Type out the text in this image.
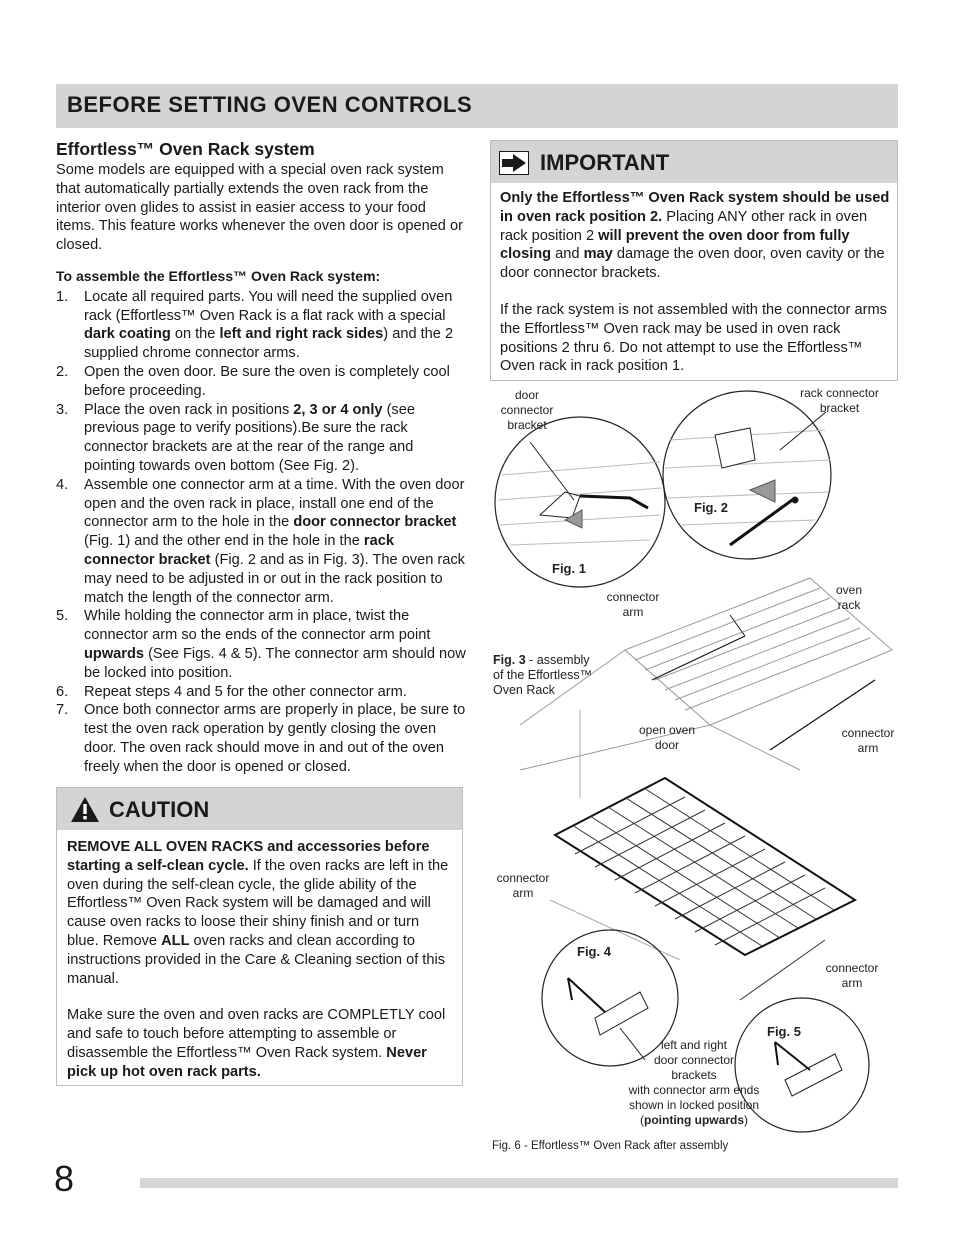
BEFORE SETTING OVEN CONTROLS
Effortless™ Oven Rack system

Some models are equipped with a special oven rack system that automatically partially extends the oven rack from the interior oven glides to assist in easier access to your food items. This feature works whenever the oven door is opened or closed.

To assemble the Effortless™ Oven Rack system:
1. Locate all required parts. You will need the supplied oven rack (Effortless™ Oven Rack is a flat rack with a special dark coating on the left and right rack sides) and the 2 supplied chrome connector arms.
2. Open the oven door. Be sure the oven is completely cool before proceeding.
3. Place the oven rack in positions 2, 3 or 4 only (see previous page to verify positions).Be sure the rack connector brackets are at the rear of the range and pointing towards oven bottom (See Fig. 2).
4. Assemble one connector arm at a time. With the oven door open and the oven rack in place, install one end of the connector arm to the hole in the door connector bracket (Fig. 1) and the other end in the hole in the rack connector bracket (Fig. 2 and as in Fig. 3). The oven rack may need to be adjusted in or out in the rack position to match the length of the connector arm.
5. While holding the connector arm in place, twist the connector arm so the ends of the connector arm point upwards (See Figs. 4 & 5). The connector arm should now be locked into position.
6. Repeat steps 4 and 5 for the other connector arm.
7. Once both connector arms are properly in place, be sure to test the oven rack operation by gently closing the oven door. The oven rack should move in and out of the oven freely when the door is opened or closed.
CAUTION

REMOVE ALL OVEN RACKS and accessories before starting a self-clean cycle. If the oven racks are left in the oven during the self-clean cycle, the glide ability of the Effortless™ Oven Rack system will be damaged and will cause oven racks to loose their shiny finish and or turn blue. Remove ALL oven racks and clean according to instructions provided in the Care & Cleaning section of this manual.

Make sure the oven and oven racks are COMPLETLY cool and safe to touch before attempting to assemble or disassemble the Effortless™ Oven Rack system. Never pick up hot oven rack parts.

IMPORTANT

Only the Effortless™ Oven Rack system should be used in oven rack position 2. Placing ANY other rack in oven rack position 2 will prevent the oven door from fully closing and may damage the oven door, oven cavity or the door connector brackets.

If the rack system is not assembled with the connector arms the Effortless™ Oven rack may be used in oven rack positions 2 thru 6. Do not attempt to use the Effortless™ Oven rack in rack position 1.

door
connector
bracket
Fig. 1
rack connector
bracket
Fig. 2
connector
arm
oven
rack
Fig. 3 - assembly
of the Effortless™
Oven Rack
open oven
door
connector
arm
connector
arm
Fig. 4
connector
arm
Fig. 5
left and right
door connector
brackets
with connector arm ends
shown in locked position
(pointing upwards)
Fig. 6 - Effortless™ Oven Rack after assembly
8
